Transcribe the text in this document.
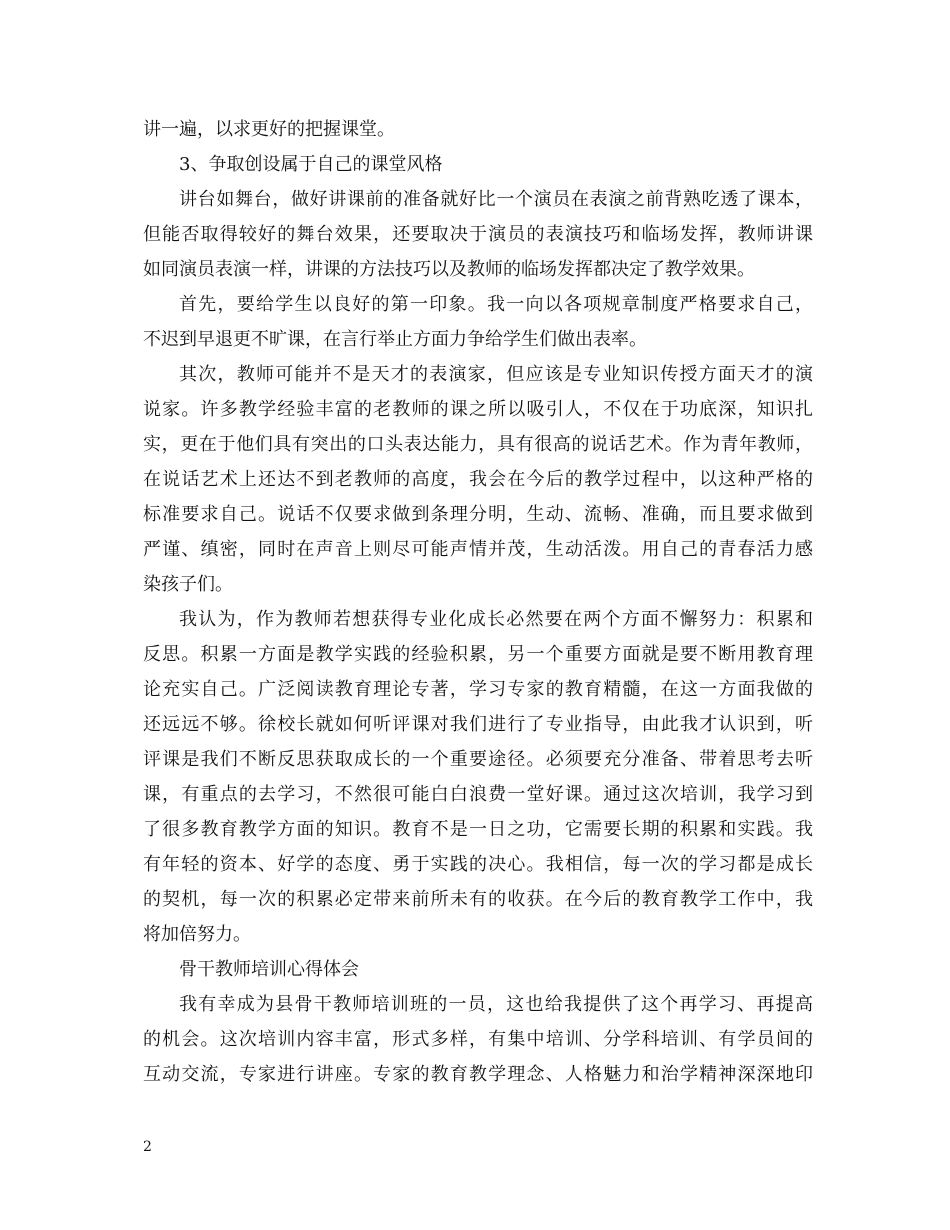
讲一遍，以求更好的把握课堂。
3、争取创设属于自己的课堂风格
讲台如舞台，做好讲课前的准备就好比一个演员在表演之前背熟吃透了课本，
但能否取得较好的舞台效果，还要取决于演员的表演技巧和临场发挥，教师讲课
如同演员表演一样，讲课的方法技巧以及教师的临场发挥都决定了教学效果。
首先，要给学生以良好的第一印象。我一向以各项规章制度严格要求自己，
不迟到早退更不旷课，在言行举止方面力争给学生们做出表率。
其次，教师可能并不是天才的表演家，但应该是专业知识传授方面天才的演
说家。许多教学经验丰富的老教师的课之所以吸引人，不仅在于功底深，知识扎
实，更在于他们具有突出的口头表达能力，具有很高的说话艺术。作为青年教师，
在说话艺术上还达不到老教师的高度，我会在今后的教学过程中，以这种严格的
标准要求自己。说话不仅要求做到条理分明，生动、流畅、准确，而且要求做到
严谨、缜密，同时在声音上则尽可能声情并茂，生动活泼。用自己的青春活力感
染孩子们。
我认为，作为教师若想获得专业化成长必然要在两个方面不懈努力：积累和
反思。积累一方面是教学实践的经验积累，另一个重要方面就是要不断用教育理
论充实自己。广泛阅读教育理论专著，学习专家的教育精髓，在这一方面我做的
还远远不够。徐校长就如何听评课对我们进行了专业指导，由此我才认识到，听
评课是我们不断反思获取成长的一个重要途径。必须要充分准备、带着思考去听
课，有重点的去学习，不然很可能白白浪费一堂好课。通过这次培训，我学习到
了很多教育教学方面的知识。教育不是一日之功，它需要长期的积累和实践。我
有年轻的资本、好学的态度、勇于实践的决心。我相信，每一次的学习都是成长
的契机，每一次的积累必定带来前所未有的收获。在今后的教育教学工作中，我
将加倍努力。
骨干教师培训心得体会
我有幸成为县骨干教师培训班的一员，这也给我提供了这个再学习、再提高
的机会。这次培训内容丰富，形式多样，有集中培训、分学科培训、有学员间的
互动交流，专家进行讲座。专家的教育教学理念、人格魅力和治学精神深深地印
2
